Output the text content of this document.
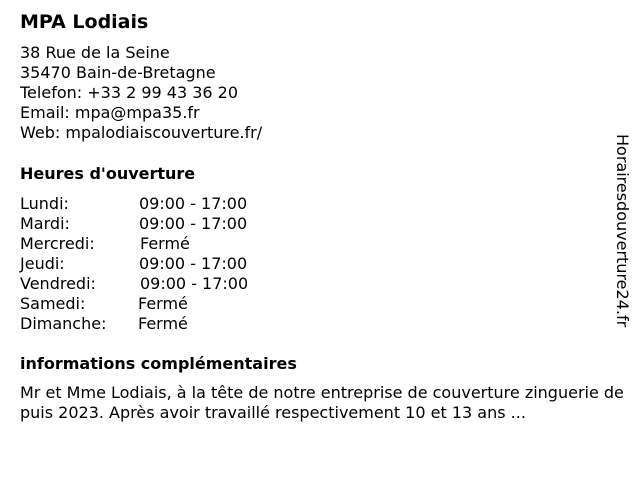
MPA Lodiais
38 Rue de la Seine
35470 Bain-de-Bretagne
Telefon: +33 2 99 43 36 20
Email: mpa@mpa35.fr
Web: mpalodiaiscouverture.fr/
Heures d'ouverture
Lundi:	09:00 - 17:00
Mardi:	09:00 - 17:00
Mercredi:	Fermé
Jeudi:	09:00 - 17:00
Vendredi:	09:00 - 17:00
Samedi:	Fermé
Dimanche: Fermé
informations complémentaires
Mr et Mme Lodiais, à la tête de notre entreprise de couverture zinguerie depuis 2023. Après avoir travaillé respectivement 10 et 13 ans ...
Horairesdouverture24.fr
